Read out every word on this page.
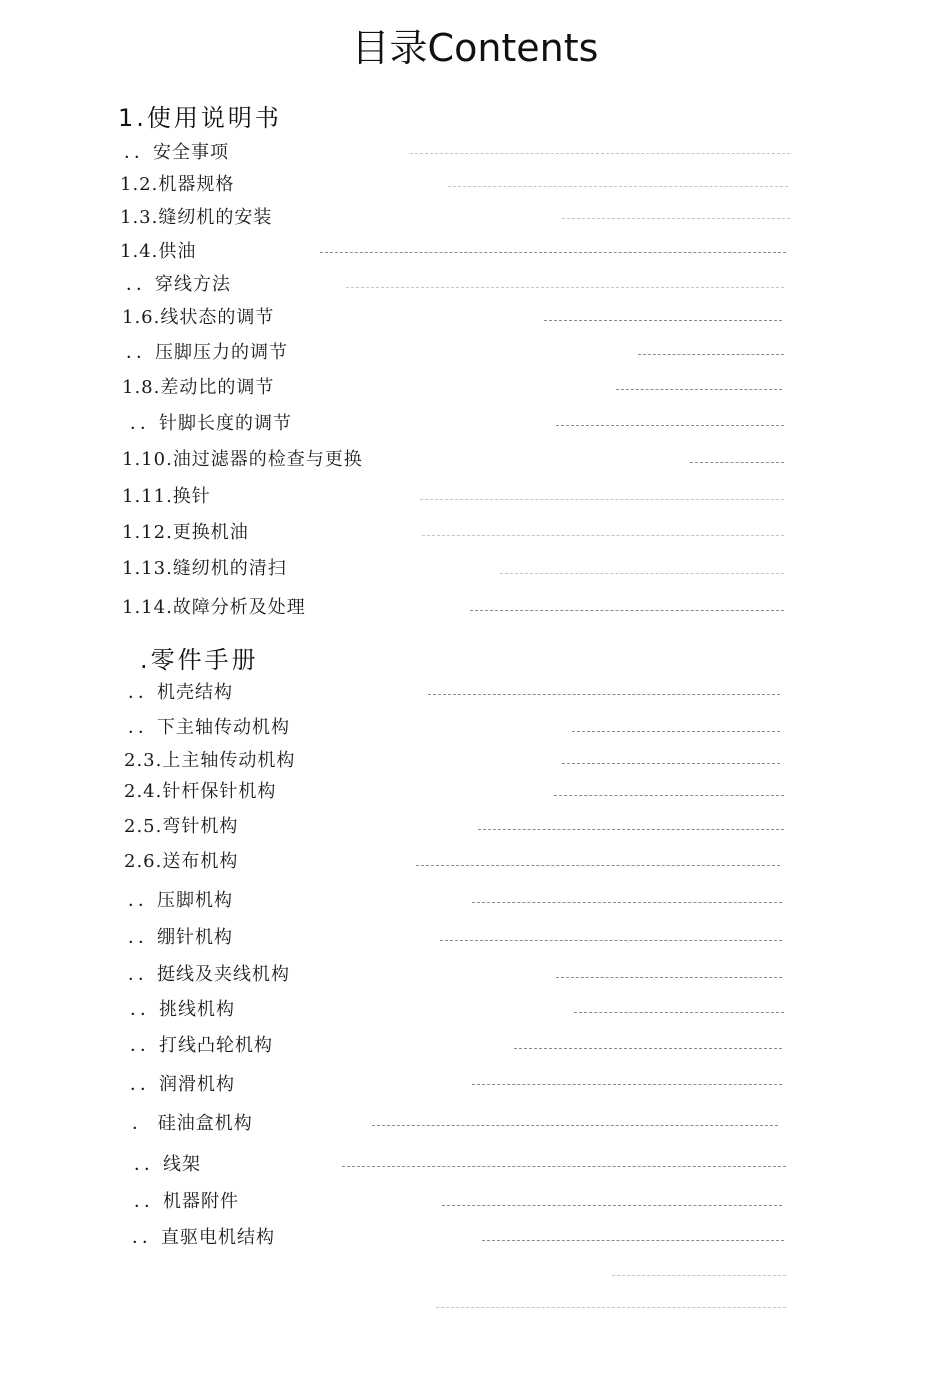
目录Contents
1.使用说明书
．．安全事项
1.2.机器规格
1.3.缝纫机的安装
1.4.供油
．．穿线方法
1.6.线状态的调节
．．压脚压力的调节
1.8.差动比的调节
．．针脚长度的调节
1.10.油过滤器的检查与更换
1.11.换针
1.12.更换机油
1.13.缝纫机的清扫
1.14.故障分析及处理
.零件手册
．．机壳结构
．．下主轴传动机构
2.3.上主轴传动机构
2.4.针杆保针机构
2.5.弯针机构
2.6.送布机构
．．压脚机构
．．绷针机构
．．挺线及夹线机构
．．挑线机构
．．打线凸轮机构
．．润滑机构
． 硅油盒机构
．．线架
．．机器附件
．．直驱电机结构
